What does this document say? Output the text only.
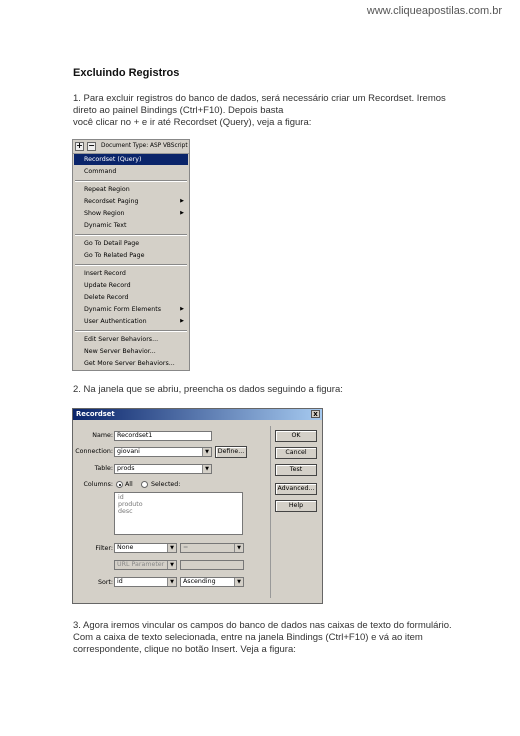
www.cliqueapostilas.com.br
Excluindo Registros
1. Para excluir registros do banco de dados, será necessário criar um Recordset. Iremos
direto ao painel Bindings (Ctrl+F10). Depois basta
você clicar no + e ir até Recordset (Query), veja a figura:
+ − Document Type: ASP VBScript
Recordset (Query)
Command
Repeat Region
Recordset Paging	▶
Show Region	▶
Dynamic Text
Go To Detail Page
Go To Related Page
Insert Record
Update Record
Delete Record
Dynamic Form Elements	▶
User Authentication	▶
Edit Server Behaviors...
New Server Behavior...
Get More Server Behaviors...
2. Na janela que se abriu, preencha os dados seguindo a figura:
Recordset	x
Name: Recordset1
Connection: giovani	▼	Define...
Table: prods	▼
Columns: All	Selected:
id
produto
desc
Filter: None	▼	=	▼
URL Parameter	▼
Sort: id	▼	Ascending	▼
OK
Cancel
Test
Advanced...
Help
3. Agora iremos vincular os campos do banco de dados nas caixas de texto do formulário.
Com a caixa de texto selecionada, entre na janela Bindings (Ctrl+F10) e vá ao item
correspondente, clique no botão Insert. Veja a figura:
